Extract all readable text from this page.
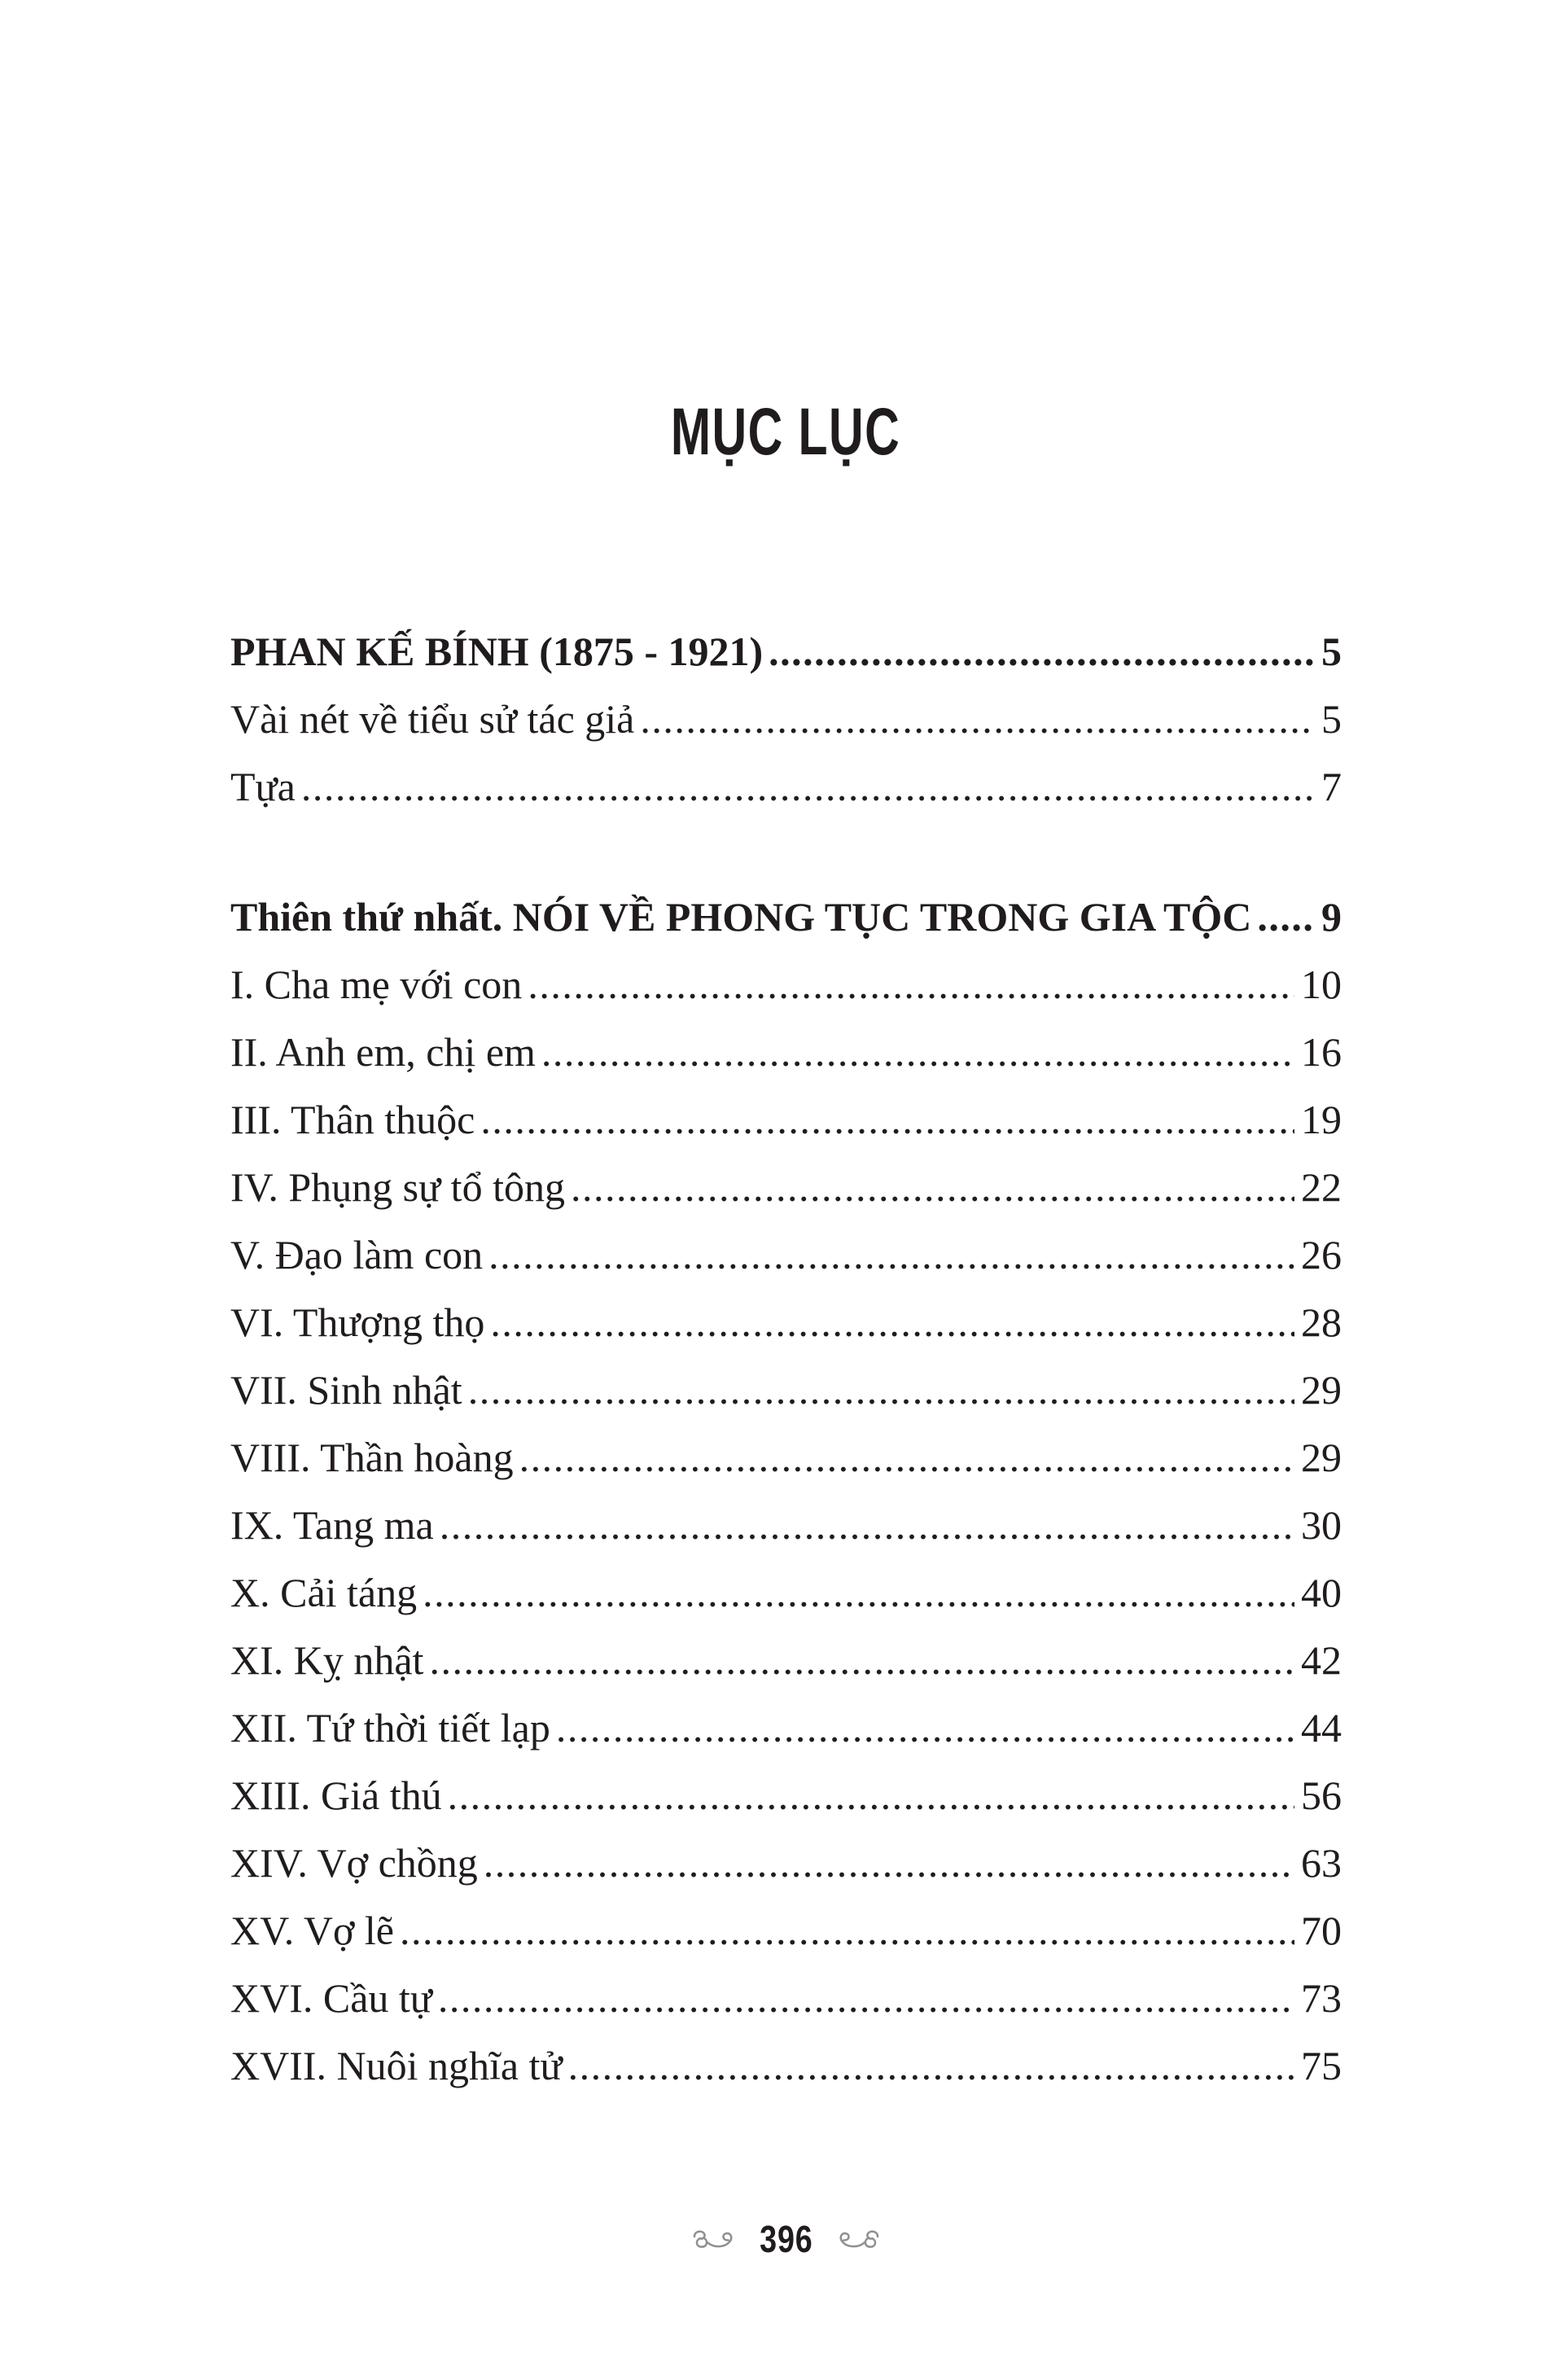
MỤC LỤC
PHAN KẾ BÍNH (1875 - 1921) .....	5
Vài nét về tiểu sử tác giả .....	5
Tựa .....	7
Thiên thứ nhất. NÓI VỀ PHONG TỤC TRONG GIA TỘC ..... 9
I. Cha mẹ với con .....	10
II. Anh em, chị em .....	16
III. Thân thuộc .....	19
IV. Phụng sự tổ tông .....	22
V. Đạo làm con .....	26
VI. Thượng thọ .....	28
VII. Sinh nhật .....	29
VIII. Thần hoàng .....	29
IX. Tang ma .....	30
X. Cải táng .....	40
XI. Kỵ nhật .....	42
XII. Tứ thời tiết lạp .....	44
XIII. Giá thú .....	56
XIV. Vợ chồng .....	63
XV. Vợ lẽ .....	70
XVI. Cầu tự .....	73
XVII. Nuôi nghĩa tử .....	75
396
